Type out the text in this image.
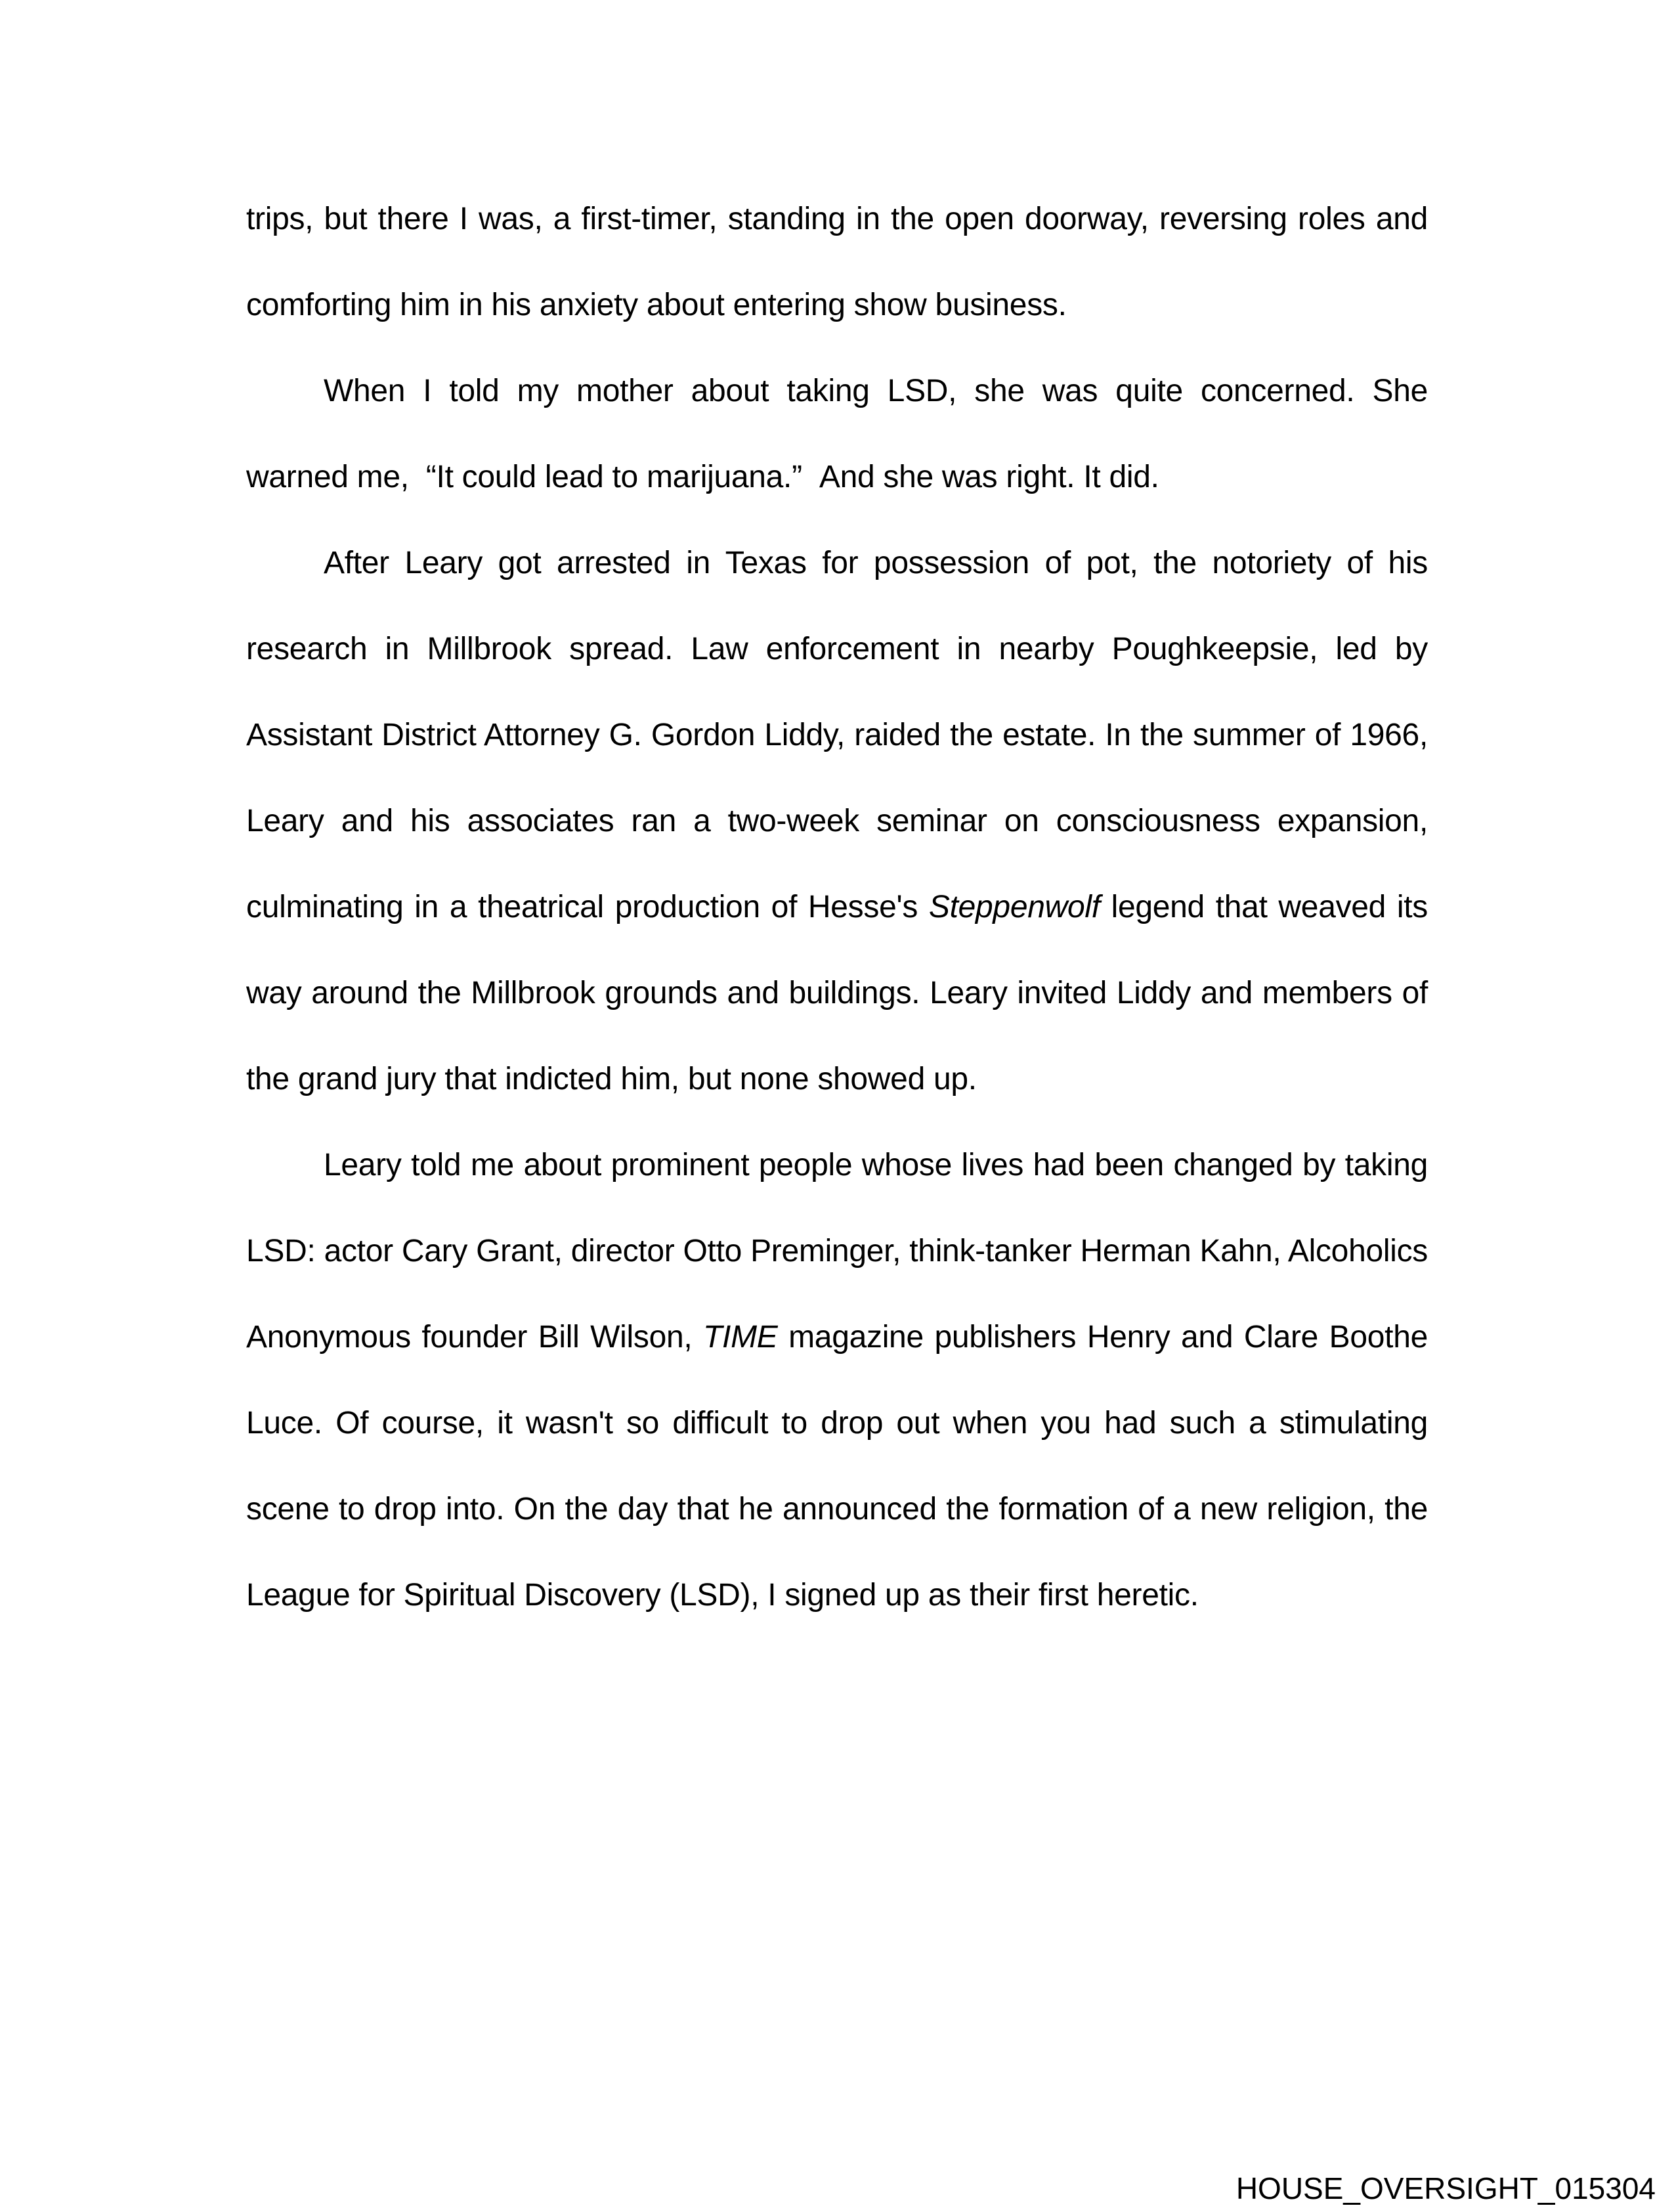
trips, but there I was, a first-timer, standing in the open doorway, reversing roles and comforting him in his anxiety about entering show business.

When I told my mother about taking LSD, she was quite concerned. She warned me,  “It could lead to marijuana.”  And she was right. It did.

After Leary got arrested in Texas for possession of pot, the notoriety of his research in Millbrook spread. Law enforcement in nearby Poughkeepsie, led by Assistant District Attorney G. Gordon Liddy, raided the estate. In the summer of 1966, Leary and his associates ran a two-week seminar on consciousness expansion, culminating in a theatrical production of Hesse's Steppenwolf legend that weaved its way around the Millbrook grounds and buildings. Leary invited Liddy and members of the grand jury that indicted him, but none showed up.

Leary told me about prominent people whose lives had been changed by taking LSD: actor Cary Grant, director Otto Preminger, think-tanker Herman Kahn, Alcoholics Anonymous founder Bill Wilson, TIME magazine publishers Henry and Clare Boothe Luce. Of course, it wasn't so difficult to drop out when you had such a stimulating scene to drop into. On the day that he announced the formation of a new religion, the League for Spiritual Discovery (LSD), I signed up as their first heretic.

HOUSE_OVERSIGHT_015304
